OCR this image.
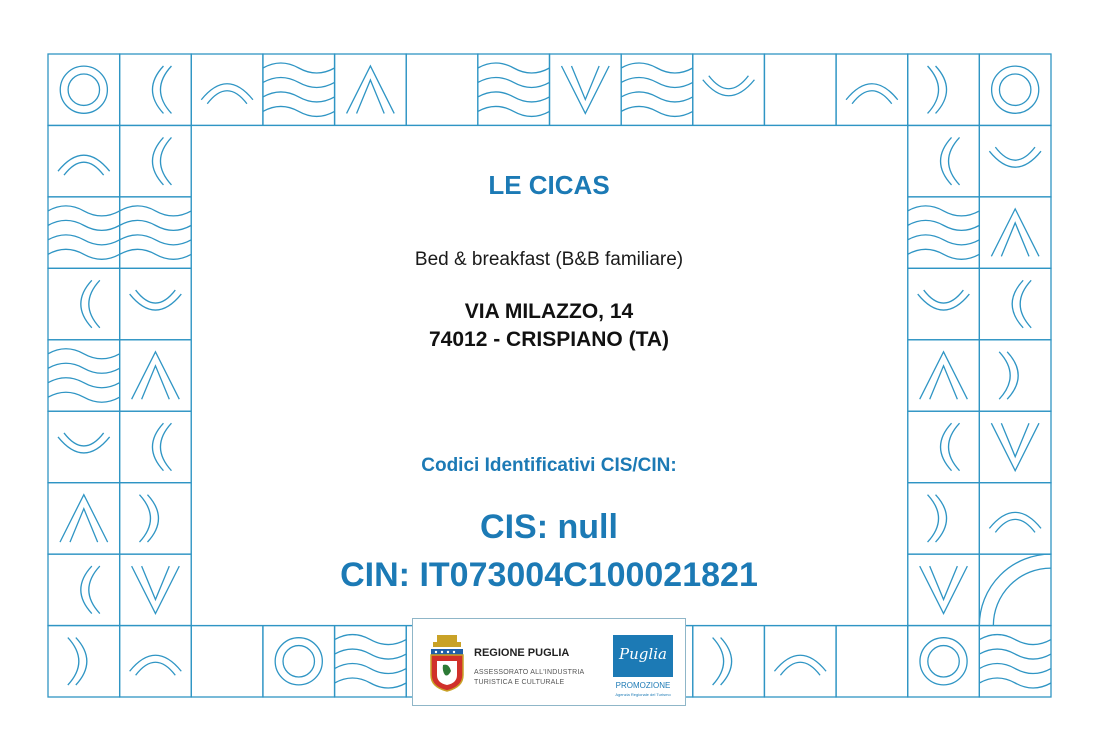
LE CICAS
Bed & breakfast (B&B familiare)
VIA MILAZZO, 14
74012 - CRISPIANO (TA)
Codici Identificativi CIS/CIN:
CIS: null
CIN: IT073004C100021821
REGIONE PUGLIA
ASSESSORATO ALL'INDUSTRIA
TURISTICA E CULTURALE
Puglia
PROMOZIONE
Agenzia Regionale del Turismo
